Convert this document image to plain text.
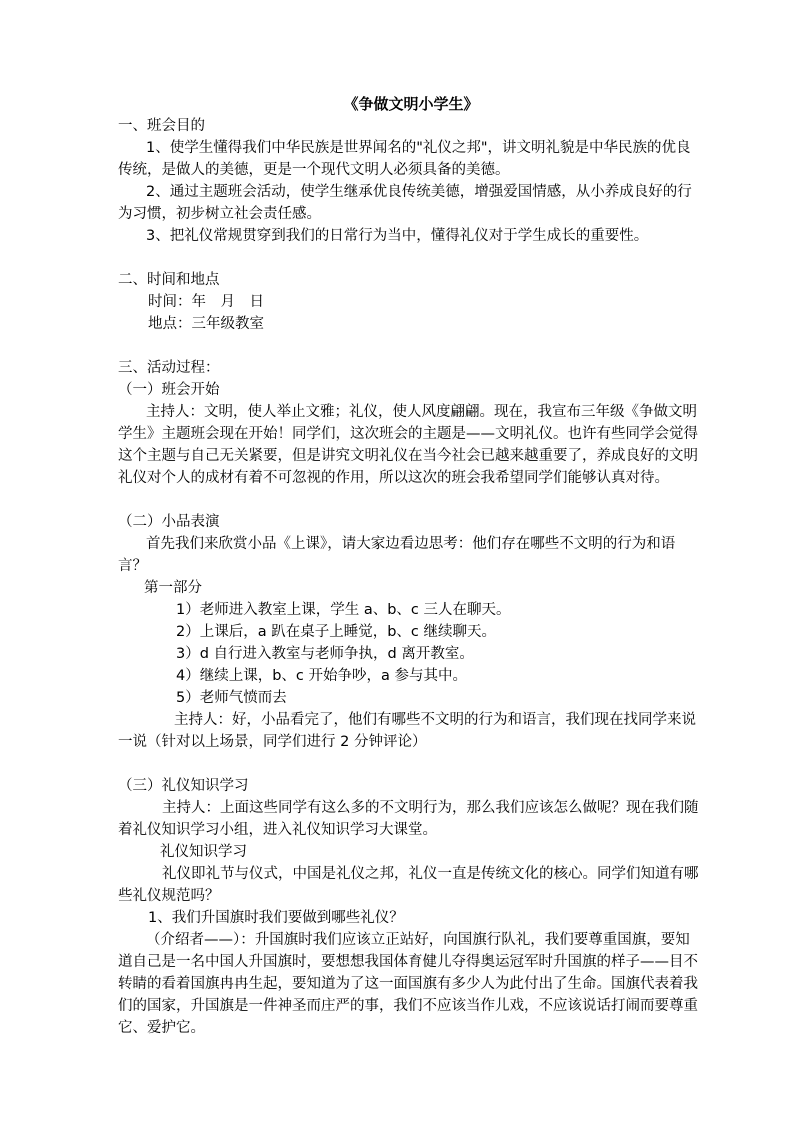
《争做文明小学生》

一、班会目的

1、使学生懂得我们中华民族是世界闻名的"礼仪之邦"，讲文明礼貌是中华民族的优良传统，是做人的美德，更是一个现代文明人必须具备的美德。

2、通过主题班会活动，使学生继承优良传统美德，增强爱国情感，从小养成良好的行为习惯，初步树立社会责任感。

3、把礼仪常规贯穿到我们的日常行为当中，懂得礼仪对于学生成长的重要性。

二、时间和地点

时间：年　月　日

地点：三年级教室

三、活动过程：

（一）班会开始

主持人：文明，使人举止文雅；礼仪，使人风度翩翩。现在，我宣布三年级《争做文明学生》主题班会现在开始！同学们，这次班会的主题是——文明礼仪。也许有些同学会觉得这个主题与自己无关紧要，但是讲究文明礼仪在当今社会已越来越重要了，养成良好的文明礼仪对个人的成材有着不可忽视的作用，所以这次的班会我希望同学们能够认真对待。

（二）小品表演

首先我们来欣赏小品《上课》，请大家边看边思考：他们存在哪些不文明的行为和语言？

第一部分

1）老师进入教室上课，学生 a、b、c 三人在聊天。

2）上课后，a 趴在桌子上睡觉，b、c 继续聊天。

3）d 自行进入教室与老师争执，d 离开教室。

4）继续上课，b、c 开始争吵，a 参与其中。

5）老师气愤而去

主持人：好，小品看完了，他们有哪些不文明的行为和语言，我们现在找同学来说一说（针对以上场景，同学们进行 2 分钟评论）

（三）礼仪知识学习

主持人：上面这些同学有这么多的不文明行为，那么我们应该怎么做呢？现在我们随着礼仪知识学习小组，进入礼仪知识学习大课堂。

礼仪知识学习

礼仪即礼节与仪式，中国是礼仪之邦，礼仪一直是传统文化的核心。同学们知道有哪些礼仪规范吗？

1、我们升国旗时我们要做到哪些礼仪？

（介绍者——）：升国旗时我们应该立正站好，向国旗行队礼，我们要尊重国旗，要知道自己是一名中国人升国旗时，要想想我国体育健儿夺得奥运冠军时升国旗的样子——目不转睛的看着国旗冉冉生起，要知道为了这一面国旗有多少人为此付出了生命。国旗代表着我们的国家，升国旗是一件神圣而庄严的事，我们不应该当作儿戏，不应该说话打闹而要尊重它、爱护它。
